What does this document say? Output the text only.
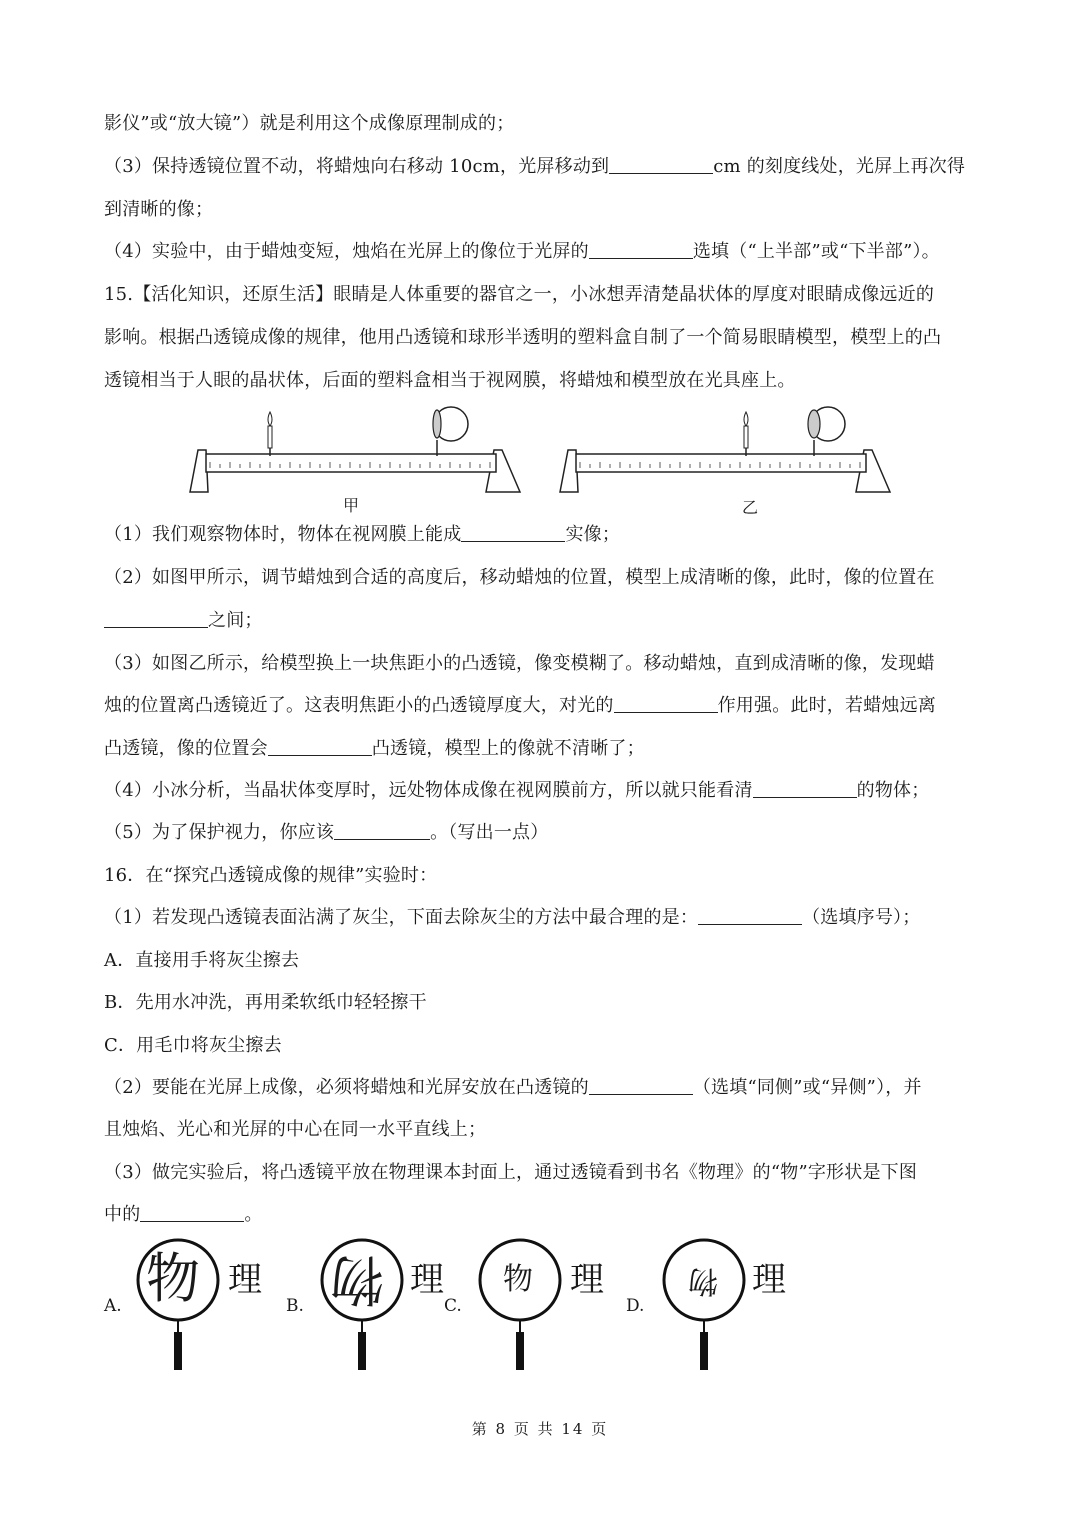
影仪”或“放大镜”）就是利用这个成像原理制成的；
（3）保持透镜位置不动，将蜡烛向右移动 10cm，光屏移动到	cm 的刻度线处，光屏上再次得
到清晰的像；
（4）实验中，由于蜡烛变短，烛焰在光屏上的像位于光屏的	选填（“上半部”或“下半部”）。
15.【活化知识，还原生活】眼睛是人体重要的器官之一，小冰想弄清楚晶状体的厚度对眼睛成像远近的
影响。根据凸透镜成像的规律，他用凸透镜和球形半透明的塑料盒自制了一个简易眼睛模型，模型上的凸
透镜相当于人眼的晶状体，后面的塑料盒相当于视网膜，将蜡烛和模型放在光具座上。
甲	乙
（1）我们观察物体时，物体在视网膜上能成	实像；
（2）如图甲所示，调节蜡烛到合适的高度后，移动蜡烛的位置，模型上成清晰的像，此时，像的位置在
之间；
（3）如图乙所示，给模型换上一块焦距小的凸透镜，像变模糊了。移动蜡烛，直到成清晰的像，发现蜡
烛的位置离凸透镜近了。这表明焦距小的凸透镜厚度大，对光的	作用强。此时，若蜡烛远离
凸透镜，像的位置会	凸透镜，模型上的像就不清晰了；
（4）小冰分析，当晶状体变厚时，远处物体成像在视网膜前方，所以就只能看清	的物体；
（5）为了保护视力，你应该	。（写出一点）
16．在“探究凸透镜成像的规律”实验时：
（1）若发现凸透镜表面沾满了灰尘，下面去除灰尘的方法中最合理的是：	（选填序号）；
A．直接用手将灰尘擦去
B．先用水冲洗，再用柔软纸巾轻轻擦干
C．用毛巾将灰尘擦去
（2）要能在光屏上成像，必须将蜡烛和光屏安放在凸透镜的	（选填“同侧”或“异侧”），并
且烛焰、光心和光屏的中心在同一水平直线上；
（3）做完实验后，将凸透镜平放在物理课本封面上，通过透镜看到书名《物理》的“物”字形状是下图
中的	。
A. 物 理
B. 物 理
C.
物 理
D.
物 理
第 8 页 共 14 页
